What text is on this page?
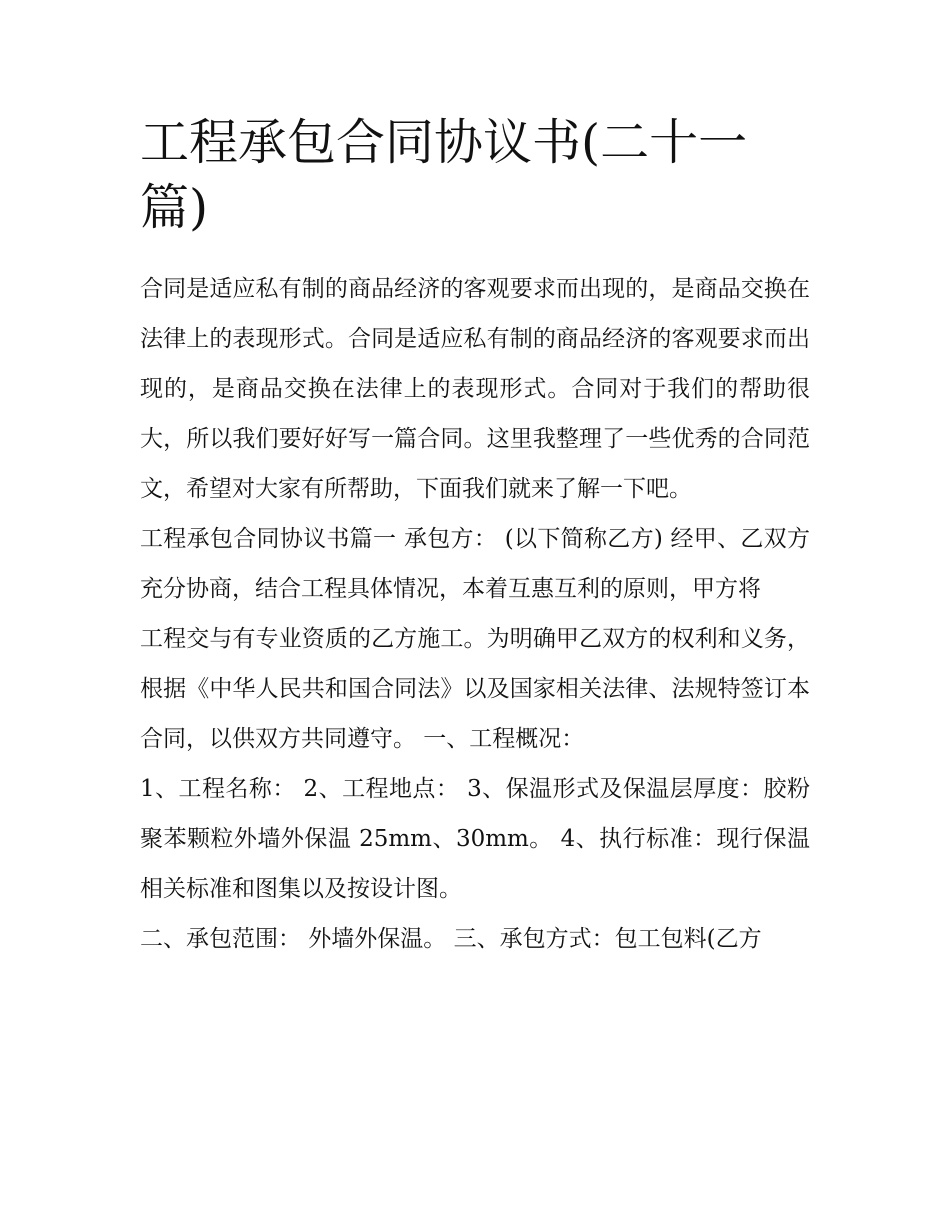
工程承包合同协议书(二十一篇)

合同是适应私有制的商品经济的客观要求而出现的，是商品交换在法律上的表现形式。合同是适应私有制的商品经济的客观要求而出现的，是商品交换在法律上的表现形式。合同对于我们的帮助很大，所以我们要好好写一篇合同。这里我整理了一些优秀的合同范文，希望对大家有所帮助，下面我们就来了解一下吧。

工程承包合同协议书篇一 承包方： (以下简称乙方) 经甲、乙双方充分协商，结合工程具体情况，本着互惠互利的原则，甲方将

工程交与有专业资质的乙方施工。为明确甲乙双方的权利和义务，根据《中华人民共和国合同法》以及国家相关法律、法规特签订本合同，以供双方共同遵守。 一、工程概况：

1、工程名称： 2、工程地点： 3、保温形式及保温层厚度：胶粉聚苯颗粒外墙外保温 25mm、30mm。 4、执行标准：现行保温相关标准和图集以及按设计图。

二、承包范围： 外墙外保温。 三、承包方式：包工包料(乙方
